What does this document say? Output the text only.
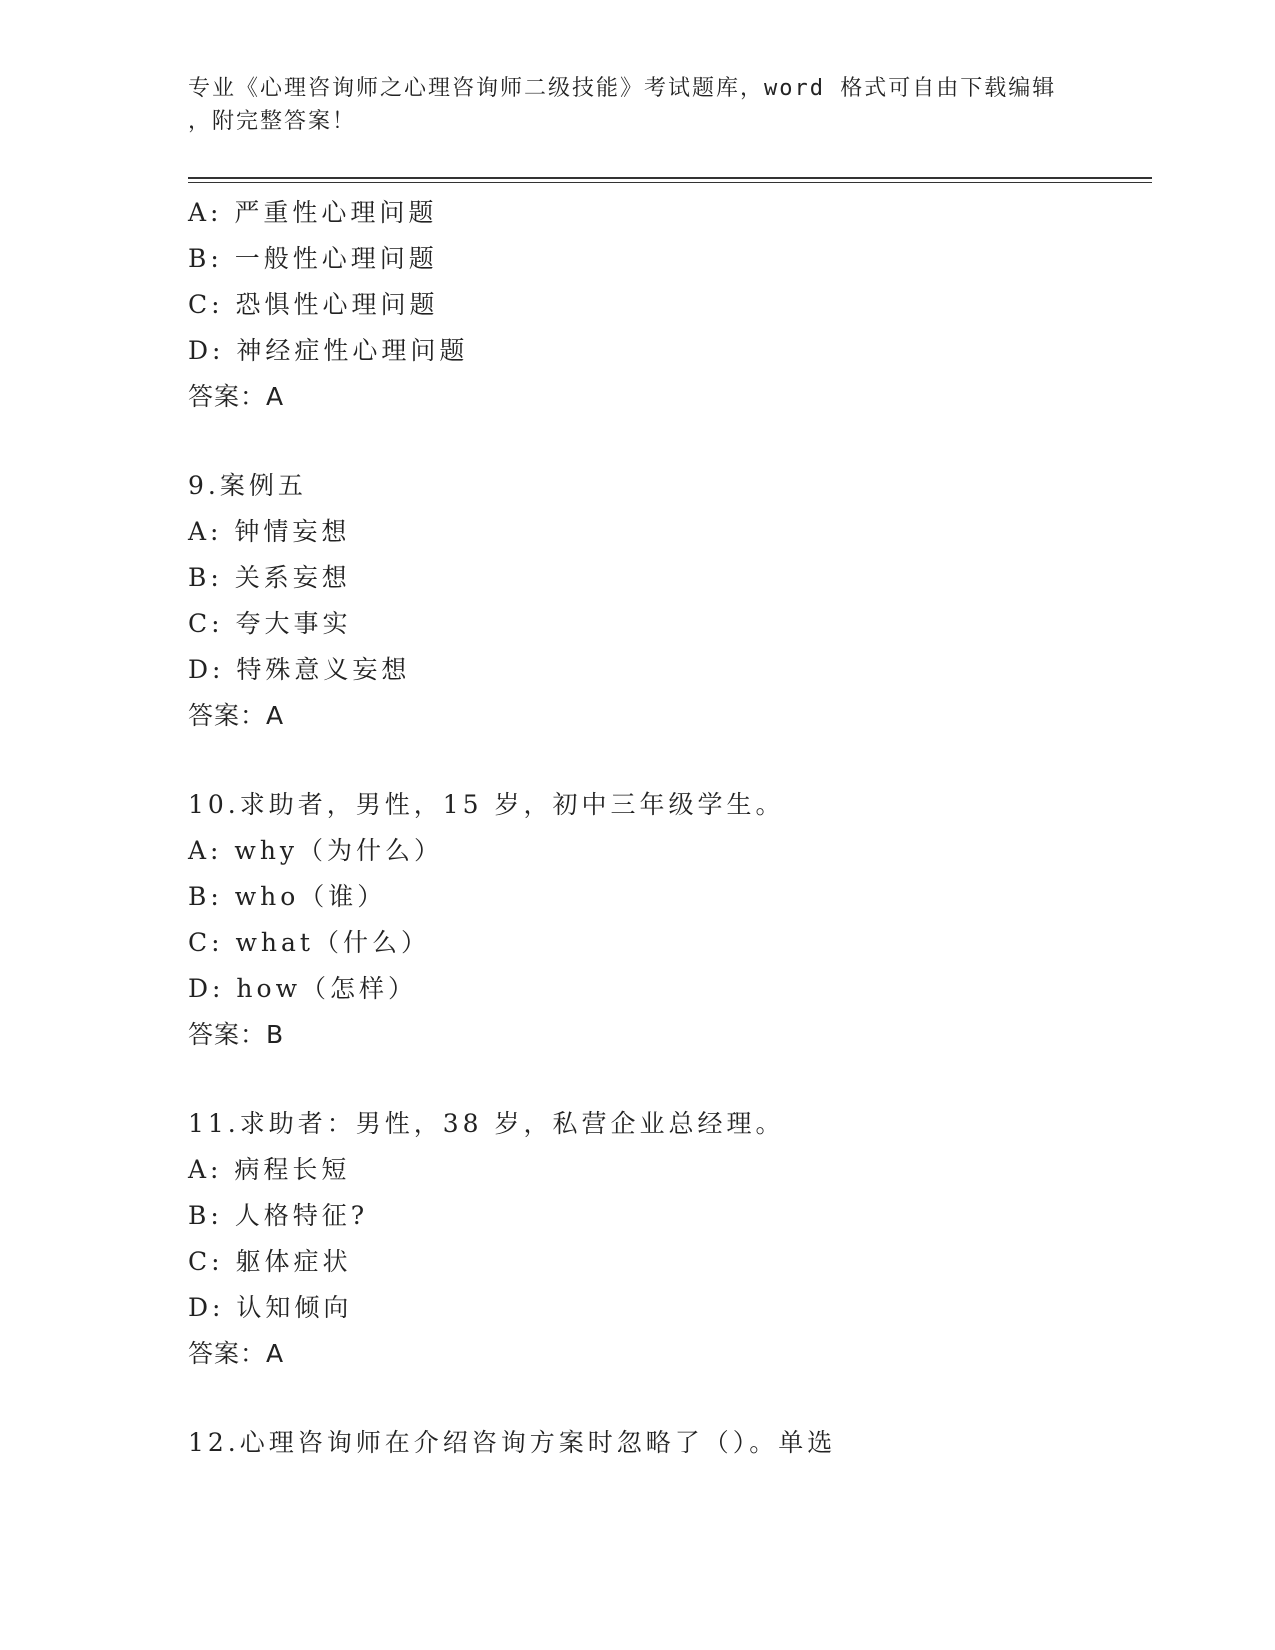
专业《心理咨询师之心理咨询师二级技能》考试题库，word 格式可自由下载编辑
，附完整答案！
A: 严重性心理问题
B: 一般性心理问题
C: 恐惧性心理问题
D: 神经症性心理问题
答案：A
9.案例五
A: 钟情妄想
B: 关系妄想
C: 夸大事实
D: 特殊意义妄想
答案：A
10.求助者，男性，15 岁，初中三年级学生。
A: why（为什么）
B: who（谁）
C: what（什么）
D: how（怎样）
答案：B
11.求助者：男性，38 岁，私营企业总经理。
A: 病程长短
B: 人格特征?
C: 躯体症状
D: 认知倾向
答案：A
12.心理咨询师在介绍咨询方案时忽略了（）。单选
